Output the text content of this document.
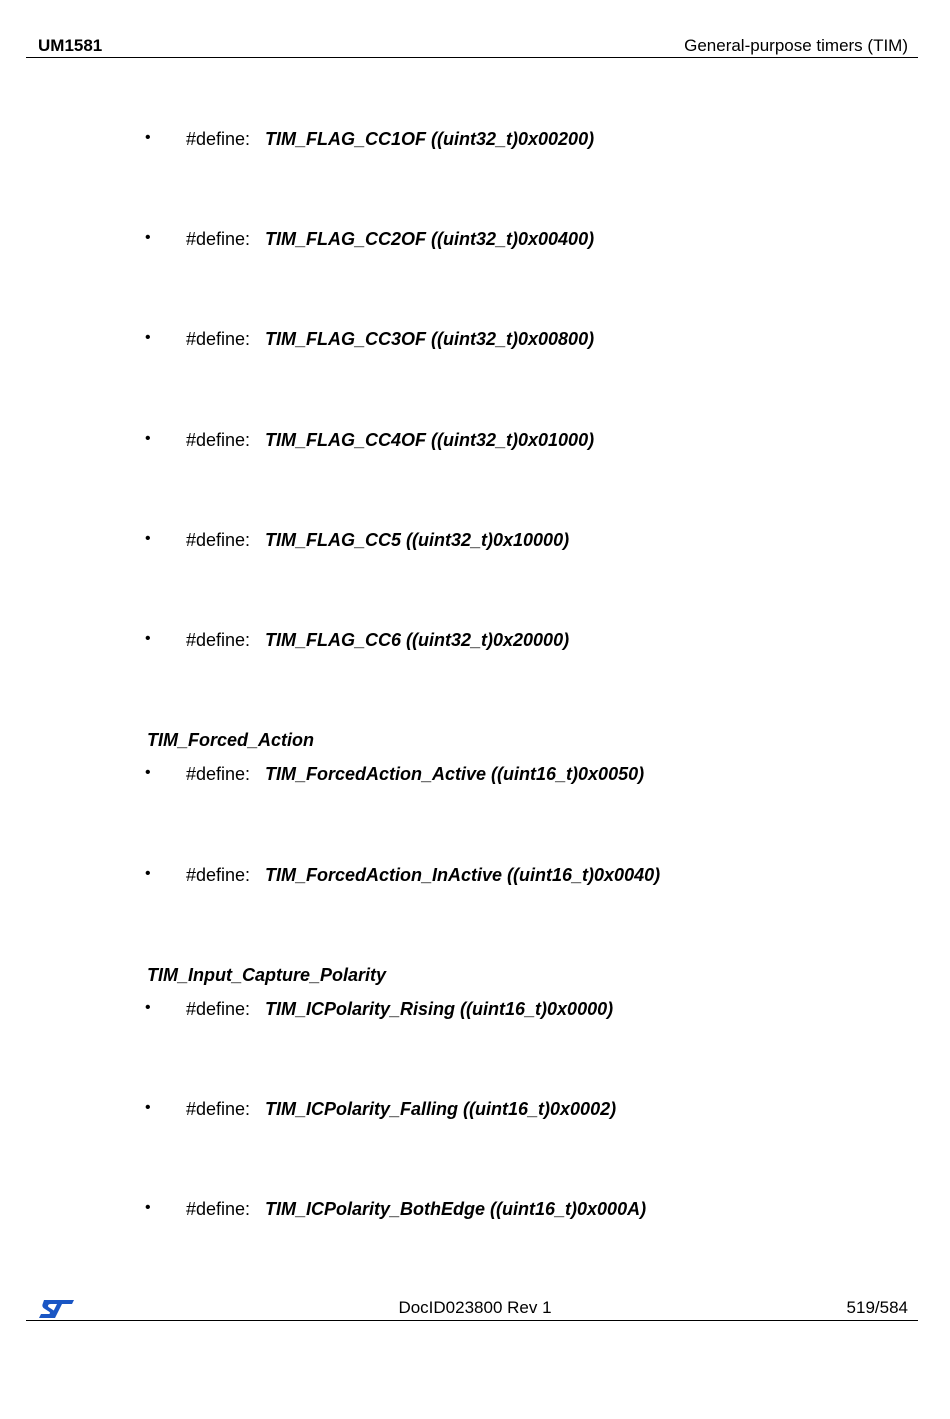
UM1581	General-purpose timers (TIM)
• #define: TIM_FLAG_CC1OF ((uint32_t)0x00200)
• #define: TIM_FLAG_CC2OF ((uint32_t)0x00400)
• #define: TIM_FLAG_CC3OF ((uint32_t)0x00800)
• #define: TIM_FLAG_CC4OF ((uint32_t)0x01000)
• #define: TIM_FLAG_CC5 ((uint32_t)0x10000)
• #define: TIM_FLAG_CC6 ((uint32_t)0x20000)
TIM_Forced_Action
• #define: TIM_ForcedAction_Active ((uint16_t)0x0050)
• #define: TIM_ForcedAction_InActive ((uint16_t)0x0040)
TIM_Input_Capture_Polarity
• #define: TIM_ICPolarity_Rising ((uint16_t)0x0000)
• #define: TIM_ICPolarity_Falling ((uint16_t)0x0002)
• #define: TIM_ICPolarity_BothEdge ((uint16_t)0x000A)
DocID023800 Rev 1	519/584
